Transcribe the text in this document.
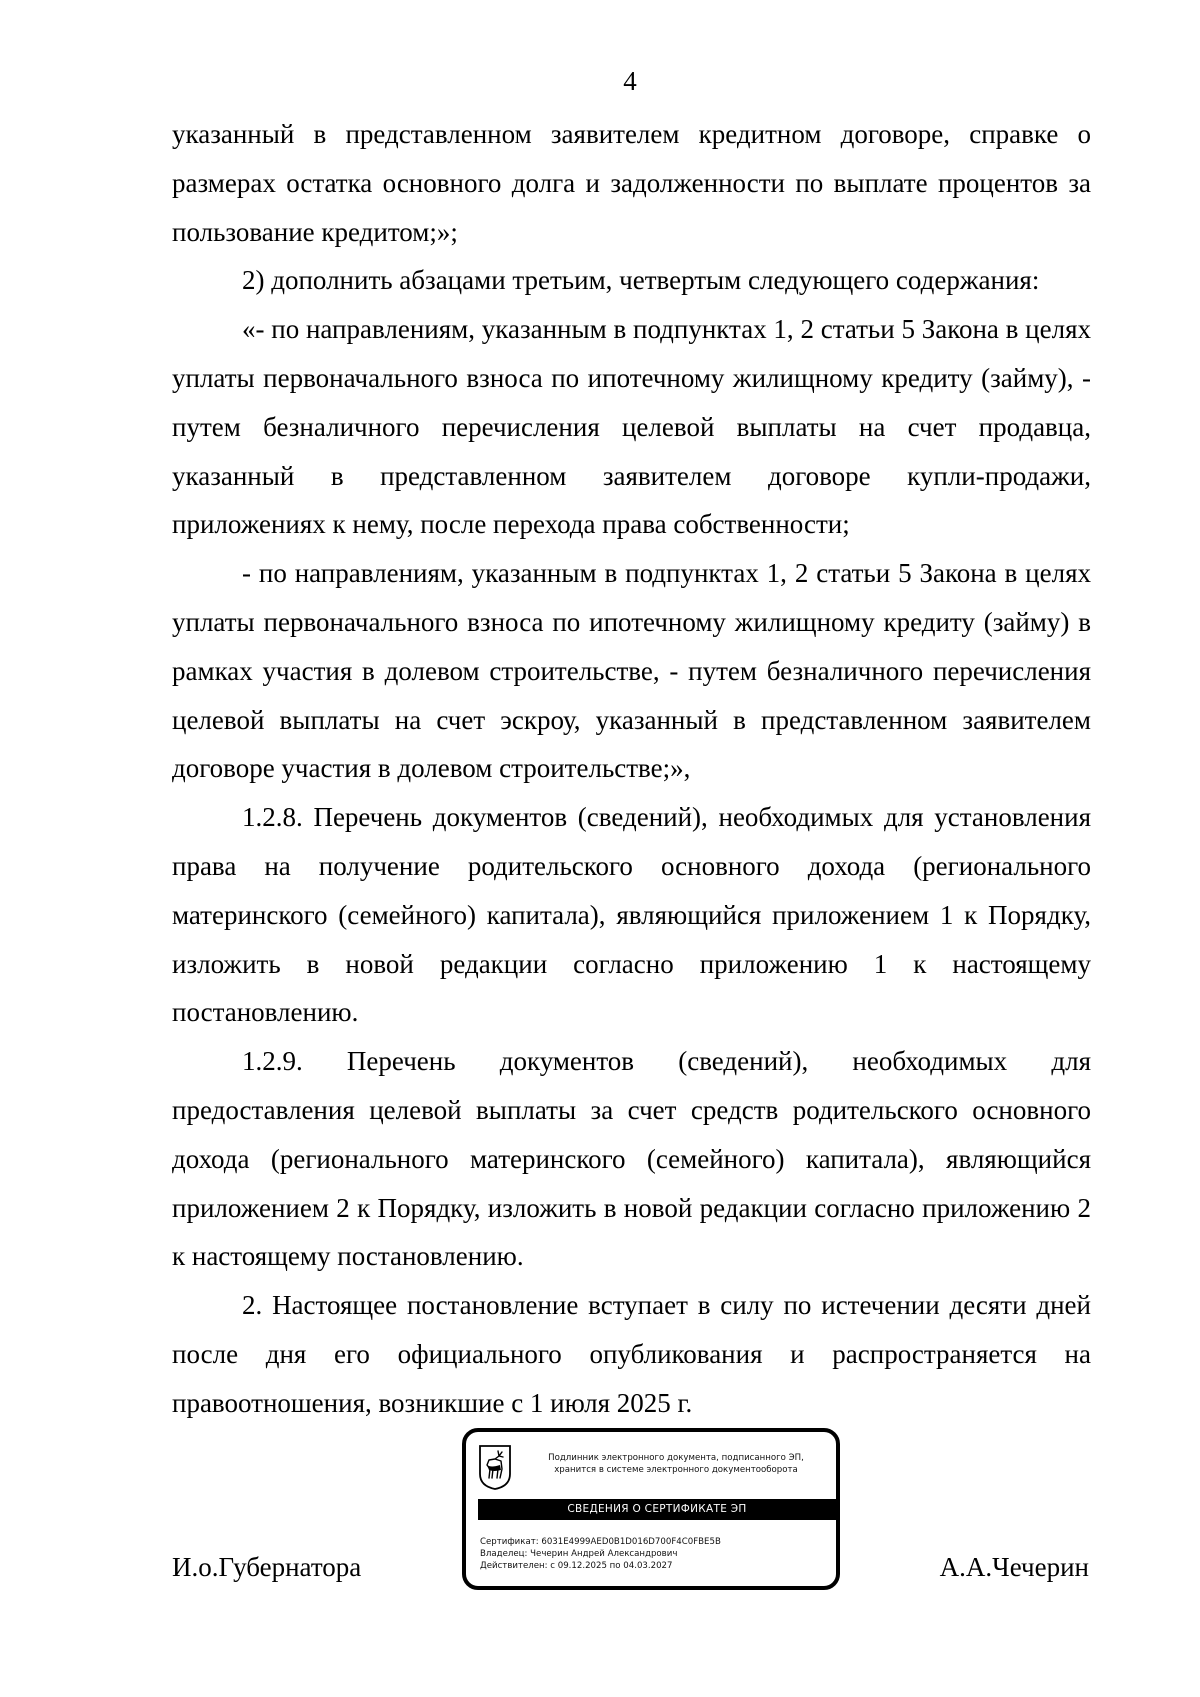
4

указанный в представленном заявителем кредитном договоре, справке о размерах остатка основного долга и задолженности по выплате процентов за пользование кредитом;»;

2) дополнить абзацами третьим, четвертым следующего содержания:

«- по направлениям, указанным в подпунктах 1, 2 статьи 5 Закона в целях уплаты первоначального взноса по ипотечному жилищному кредиту (займу), - путем безналичного перечисления целевой выплаты на счет продавца, указанный в представленном заявителем договоре купли-продажи, приложениях к нему, после перехода права собственности;

- по направлениям, указанным в подпунктах 1, 2 статьи 5 Закона в целях уплаты первоначального взноса по ипотечному жилищному кредиту (займу) в рамках участия в долевом строительстве, - путем безналичного перечисления целевой выплаты на счет эскроу, указанный в представленном заявителем договоре участия в долевом строительстве;»,

1.2.8. Перечень документов (сведений), необходимых для установления права на получение родительского основного дохода (регионального материнского (семейного) капитала), являющийся приложением 1 к Порядку, изложить в новой редакции согласно приложению 1 к настоящему постановлению.

1.2.9. Перечень документов (сведений), необходимых для предоставления целевой выплаты за счет средств родительского основного дохода (регионального материнского (семейного) капитала), являющийся приложением 2 к Порядку, изложить в новой редакции согласно приложению 2 к настоящему постановлению.

2. Настоящее постановление вступает в силу по истечении десяти дней после дня его официального опубликования и распространяется на правоотношения, возникшие с 1 июля 2025 г.

И.о.Губернатора	А.А.Чечерин
Подлинник электронного документа, подписанного ЭП,
хранится в системе электронного документооборота
СВЕДЕНИЯ О СЕРТИФИКАТЕ ЭП
Сертификат: 6031E4999AED0B1D016D700F4C0FBE5B
Владелец: Чечерин Андрей Александрович
Действителен: с 09.12.2025 по 04.03.2027
